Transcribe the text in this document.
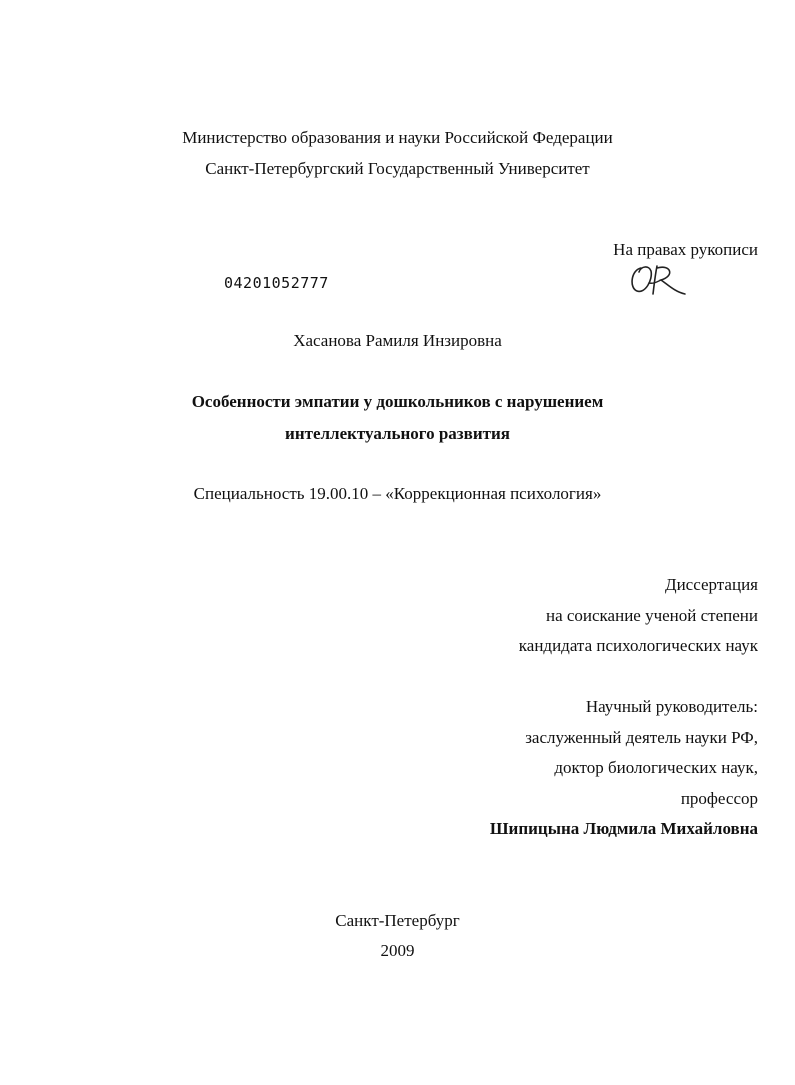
Министерство образования и науки Российской Федерации
Санкт-Петербургский Государственный Университет
На правах рукописи
04201052777
Хасанова Рамиля Инзировна
Особенности эмпатии у дошкольников с нарушением
интеллектуального развития
Специальность 19.00.10 – «Коррекционная психология»
Диссертация
на соискание ученой степени
кандидата психологических наук
Научный руководитель:
заслуженный деятель науки РФ,
доктор биологических наук,
профессор
Шипицына Людмила Михайловна
Санкт-Петербург
2009
